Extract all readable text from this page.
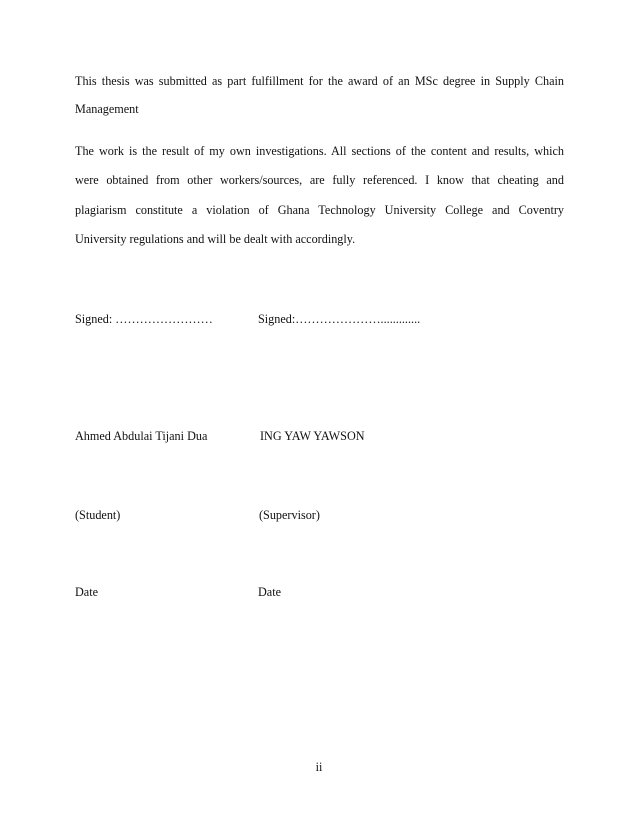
This thesis was submitted as part fulfillment for the award of an MSc degree in Supply Chain
Management
The work is the result of my own investigations. All sections of the content and results, which
were obtained from other workers/sources, are fully referenced. I know that cheating and
plagiarism constitute a violation of Ghana Technology University College and Coventry
University regulations and will be dealt with accordingly.
Signed: ……………………	Signed:………………….............
Ahmed Abdulai Tijani Dua	ING YAW YAWSON
(Student)	(Supervisor)
Date	Date
ii
